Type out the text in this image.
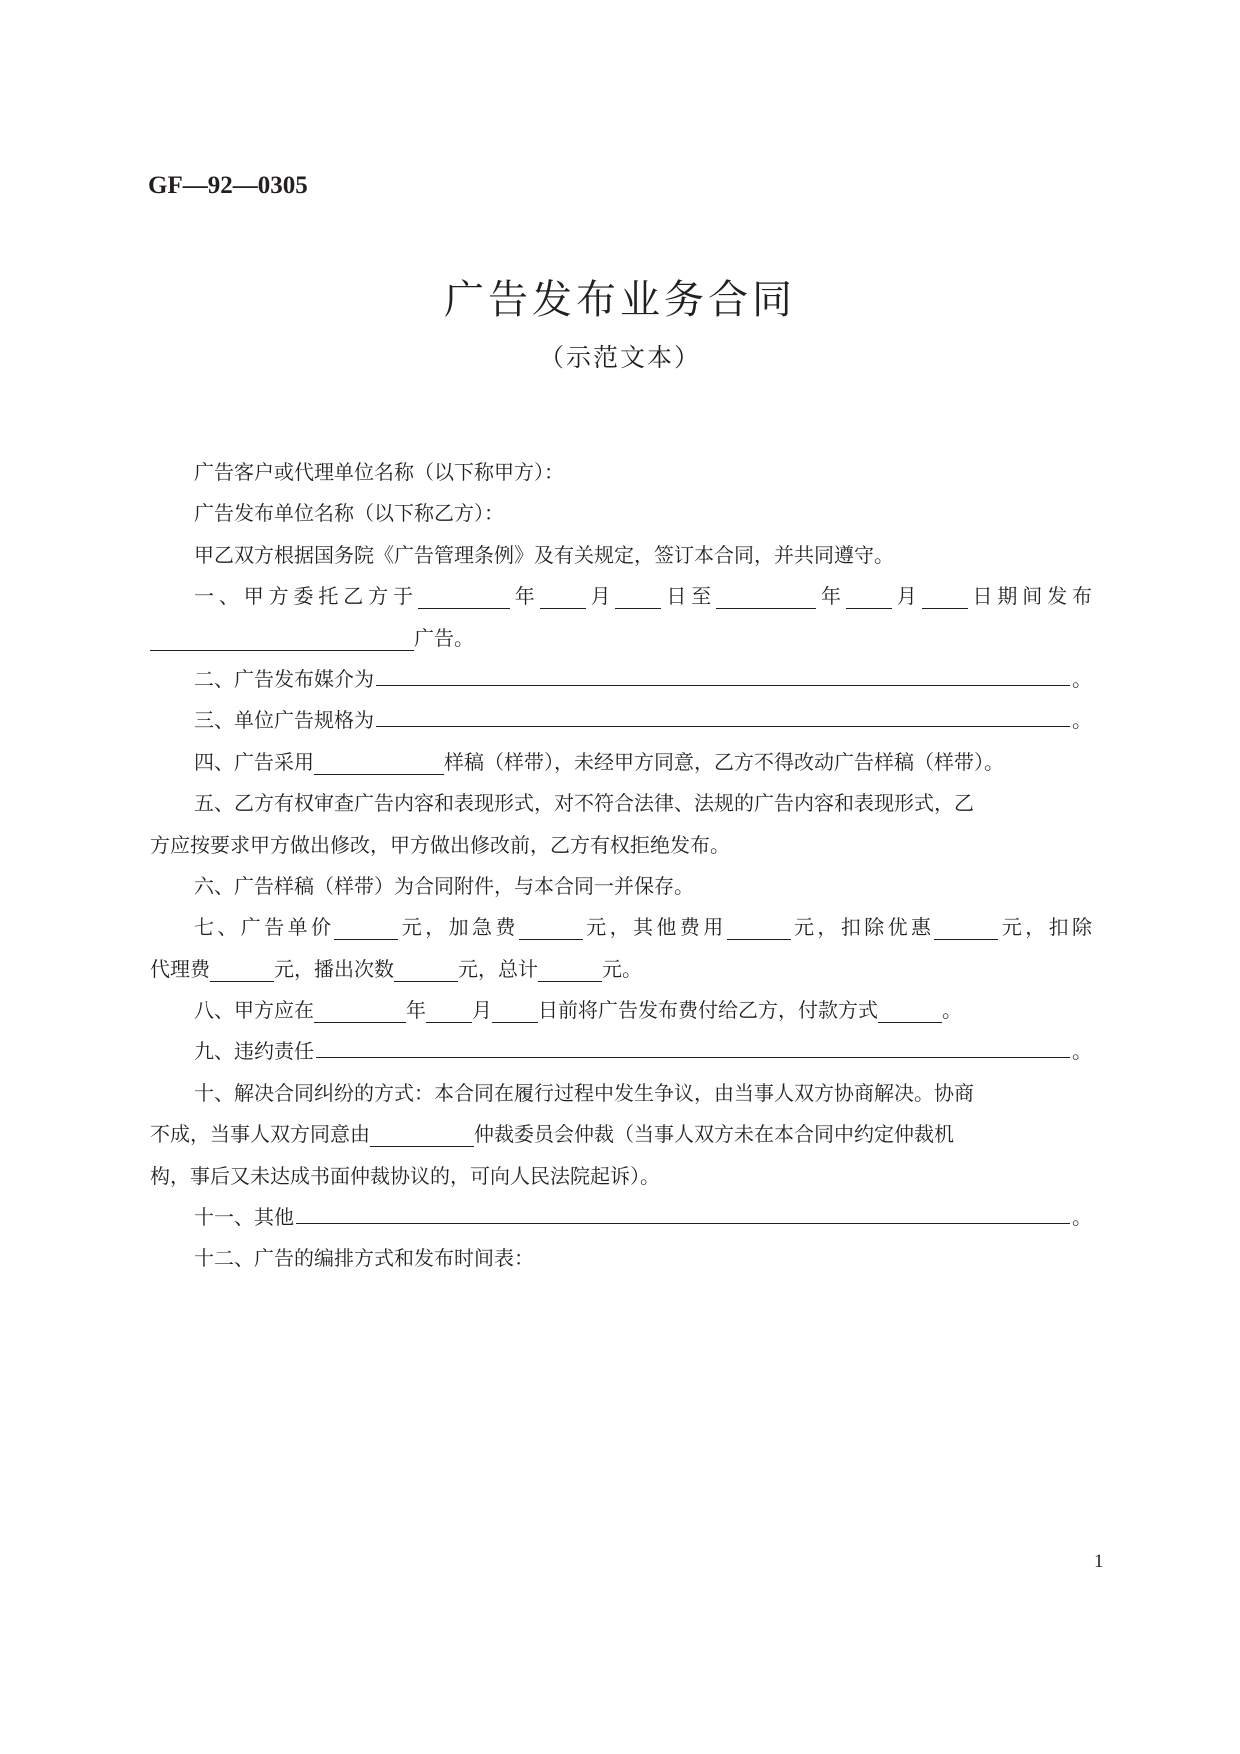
GF—92—0305
广告发布业务合同
（示范文本）
广告客户或代理单位名称（以下称甲方）：
广告发布单位名称（以下称乙方）：
甲乙双方根据国务院《广告管理条例》及有关规定，签订本合同，并共同遵守。
一、甲方委托乙方于	年 月 日至	年 月 日期间发布
广告。
二、广告发布媒介为	。
三、单位广告规格为	。
四、广告采用	样稿（样带），未经甲方同意，乙方不得改动广告样稿（样带）。
五、乙方有权审查广告内容和表现形式，对不符合法律、法规的广告内容和表现形式，乙
方应按要求甲方做出修改，甲方做出修改前，乙方有权拒绝发布。
六、广告样稿（样带）为合同附件，与本合同一并保存。
七、广告单价	元，加急费	元，其他费用	元，扣除优惠	元，扣除
代理费	元，播出次数	元，总计	元。
八、甲方应在	年 月 日前将广告发布费付给乙方，付款方式	。
九、违约责任	。
十、解决合同纠纷的方式：本合同在履行过程中发生争议，由当事人双方协商解决。协商
不成，当事人双方同意由	仲裁委员会仲裁（当事人双方未在本合同中约定仲裁机
构，事后又未达成书面仲裁协议的，可向人民法院起诉）。
十一、其他	。
十二、广告的编排方式和发布时间表：
1
